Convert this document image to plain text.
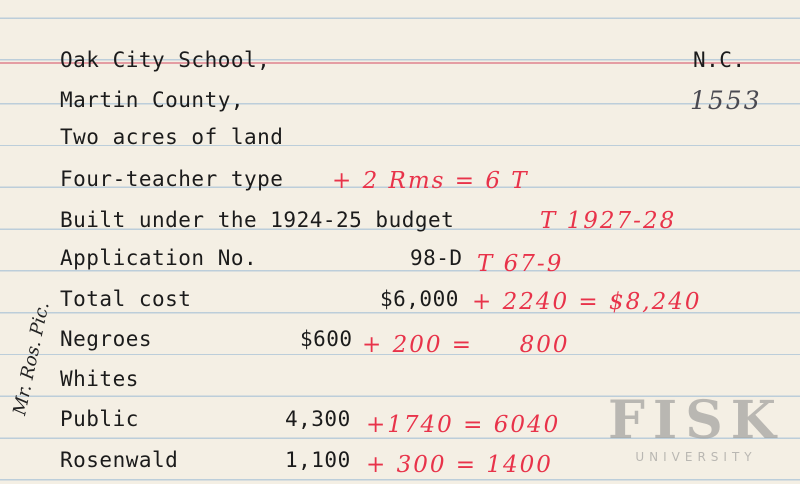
Oak City School,	N.C.
1553
Martin County,
Two acres of land
Four-teacher type + 2 Rms = 6 T
Built under the 1924-25 budget	T 1927-28
Application No.	98-D T 67-9
Total cost	$6,000 + 2240 = $8,240
Negroes	$600 + 200 =     800
Whites
Public	4,300 +1740 = 6040
Rosenwald	1,100 + 300 = 1400
Mr. Ros. Pic.
FISK
UNIVERSITY
